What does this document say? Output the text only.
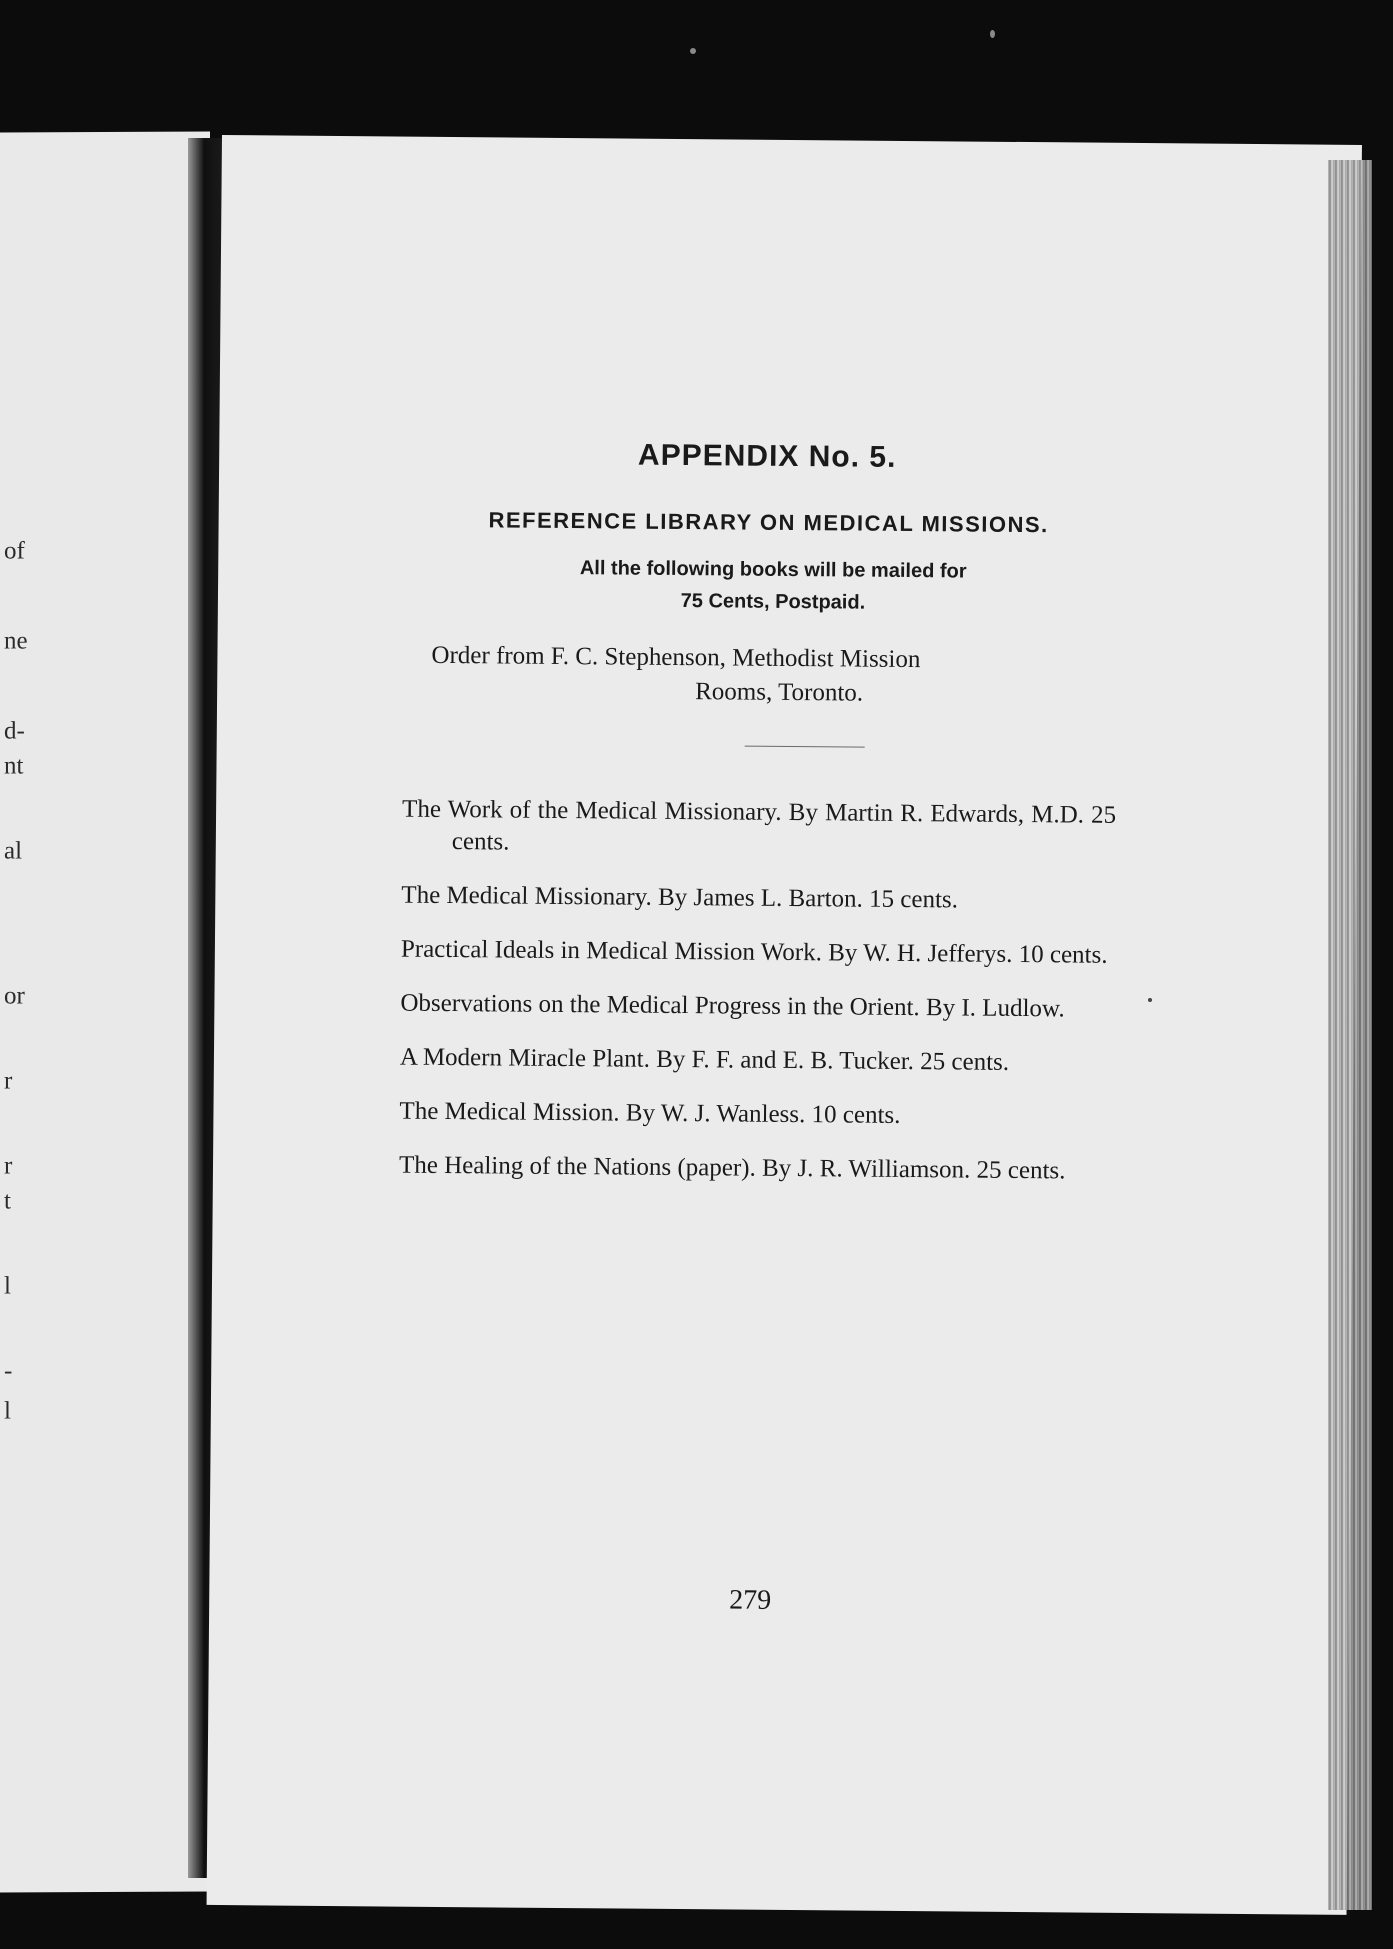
of
ne
d-
nt
al
or
r
r
t
l
-
l
APPENDIX No. 5.
REFERENCE LIBRARY ON MEDICAL MISSIONS.

All the following books will be mailed for
75 Cents, Postpaid.

Order from F. C. Stephenson, Methodist Mission
Rooms, Toronto.

The Work of the Medical Missionary. By Martin R. Edwards, M.D. 25 cents.
The Medical Missionary. By James L. Barton. 15 cents.
Practical Ideals in Medical Mission Work. By W. H. Jefferys. 10 cents.
Observations on the Medical Progress in the Orient. By I. Ludlow.
A Modern Miracle Plant. By F. F. and E. B. Tucker. 25 cents.
The Medical Mission. By W. J. Wanless. 10 cents.
The Healing of the Nations (paper). By J. R. Williamson. 25 cents.
279
